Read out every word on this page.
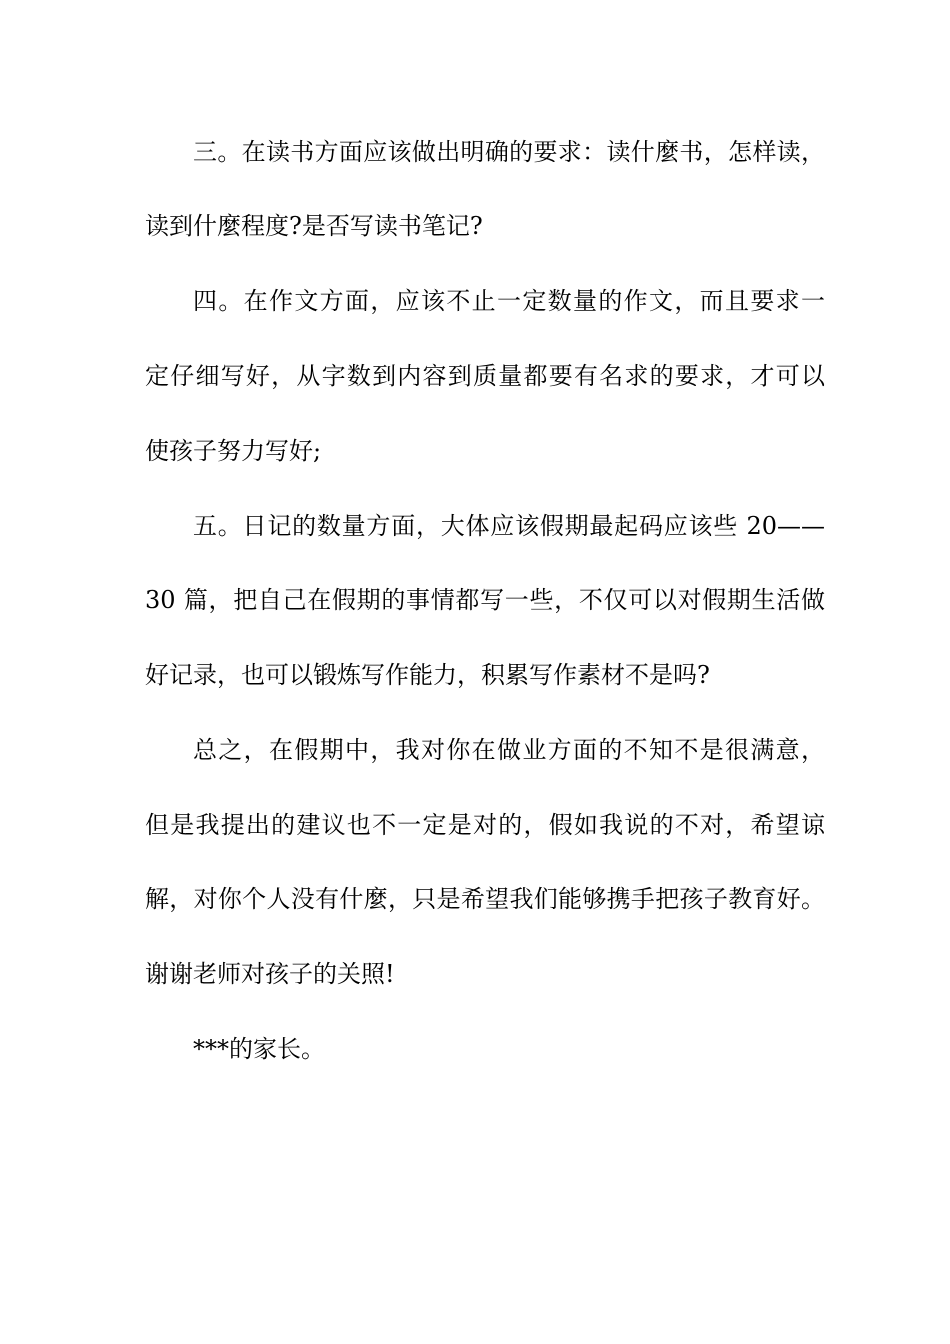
三。在读书方面应该做出明确的要求：读什麼书，怎样读，
读到什麼程度?是否写读书笔记?
四。在作文方面，应该不止一定数量的作文，而且要求一
定仔细写好，从字数到内容到质量都要有名求的要求，才可以
使孩子努力写好;
五。日记的数量方面，大体应该假期最起码应该些 20——
30 篇，把自己在假期的事情都写一些，不仅可以对假期生活做
好记录，也可以锻炼写作能力，积累写作素材不是吗?
总之，在假期中，我对你在做业方面的不知不是很满意，
但是我提出的建议也不一定是对的，假如我说的不对，希望谅
解，对你个人没有什麼，只是希望我们能够携手把孩子教育好。
谢谢老师对孩子的关照!
***的家长。
